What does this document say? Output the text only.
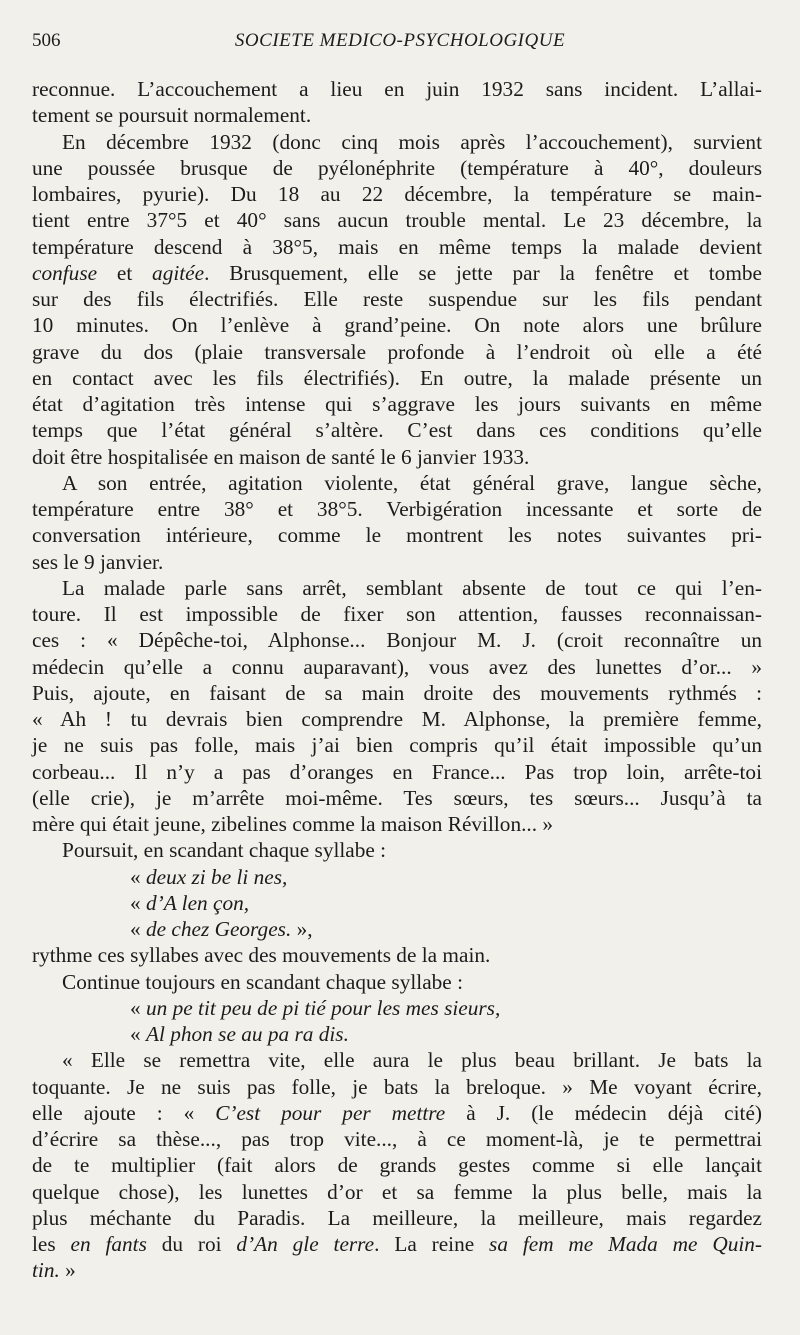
506	SOCIETE MEDICO-PSYCHOLOGIQUE
reconnue. L’accouchement a lieu en juin 1932 sans incident. L’allai-
tement se poursuit normalement.
En décembre 1932 (donc cinq mois après l’accouchement), survient
une poussée brusque de pyélonéphrite (température à 40°, douleurs
lombaires, pyurie). Du 18 au 22 décembre, la température se main-
tient entre 37°5 et 40° sans aucun trouble mental. Le 23 décembre, la
température descend à 38°5, mais en même temps la malade devient
confuse et agitée. Brusquement, elle se jette par la fenêtre et tombe
sur des fils électrifiés. Elle reste suspendue sur les fils pendant
10 minutes. On l’enlève à grand’peine. On note alors une brûlure
grave du dos (plaie transversale profonde à l’endroit où elle a été
en contact avec les fils électrifiés). En outre, la malade présente un
état d’agitation très intense qui s’aggrave les jours suivants en même
temps que l’état général s’altère. C’est dans ces conditions qu’elle
doit être hospitalisée en maison de santé le 6 janvier 1933.
A son entrée, agitation violente, état général grave, langue sèche,
température entre 38° et 38°5. Verbigération incessante et sorte de
conversation intérieure, comme le montrent les notes suivantes pri-
ses le 9 janvier.
La malade parle sans arrêt, semblant absente de tout ce qui l’en-
toure. Il est impossible de fixer son attention, fausses reconnaissan-
ces : « Dépêche-toi, Alphonse... Bonjour M. J. (croit reconnaître un
médecin qu’elle a connu auparavant), vous avez des lunettes d’or... »
Puis, ajoute, en faisant de sa main droite des mouvements rythmés :
« Ah ! tu devrais bien comprendre M. Alphonse, la première femme,
je ne suis pas folle, mais j’ai bien compris qu’il était impossible qu’un
corbeau... Il n’y a pas d’oranges en France... Pas trop loin, arrête-toi
(elle crie), je m’arrête moi-même. Tes sœurs, tes sœurs... Jusqu’à ta
mère qui était jeune, zibelines comme la maison Révillon... »
Poursuit, en scandant chaque syllabe :
« deux zi be li nes,
« d’A len çon,
« de chez Georges. »,
rythme ces syllabes avec des mouvements de la main.
Continue toujours en scandant chaque syllabe :
« un pe tit peu de pi tié pour les mes sieurs,
« Al phon se au pa ra dis.
« Elle se remettra vite, elle aura le plus beau brillant. Je bats la
toquante. Je ne suis pas folle, je bats la breloque. » Me voyant écrire,
elle ajoute : « C’est pour per mettre à J. (le médecin déjà cité)
d’écrire sa thèse..., pas trop vite..., à ce moment-là, je te permettrai
de te multiplier (fait alors de grands gestes comme si elle lançait
quelque chose), les lunettes d’or et sa femme la plus belle, mais la
plus méchante du Paradis. La meilleure, la meilleure, mais regardez
les en fants du roi d’An gle terre. La reine sa fem me Mada me Quin-
tin. »
